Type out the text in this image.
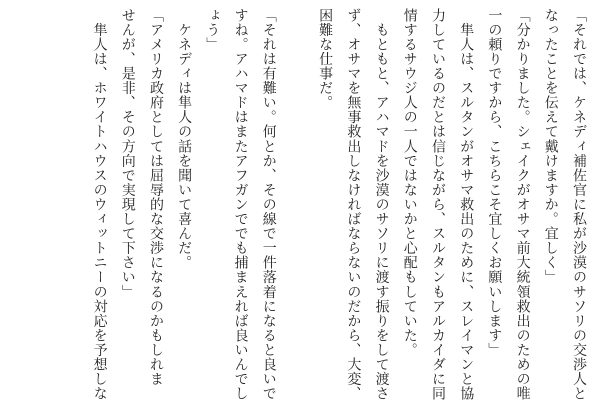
「それでは、ケネディ補佐官に私が沙漠のサソリの交渉人と
なったことを伝えて戴けますか。宜しく」
「分かりました。シェイクがオサマ前大統領救出のための唯
一の頼りですから、こちらこそ宜しくお願いします」
　隼人は、スルタンがオサマ救出のために、スレイマンと協
力しているのだとは信じながら、スルタンもアルカイダに同
情するサウジ人の一人ではないかと心配もしていた。
　もともと、アハマドを沙漠のサソリに渡す振りをして渡さ
ず、オサマを無事救出しなければならないのだから、大変、
困難な仕事だ。
「それは有難い。何とか、その線で一件落着になると良いで
すね。アハマドはまたアフガンででも捕まえれば良いんでし
ょう」
　ケネディは隼人の話を聞いて喜んだ。
「アメリカ政府としては屈辱的な交渉になるのかもしれま
せんが、是非、その方向で実現して下さい」
　隼人は、ホワイトハウスのウィットニーの対応を予想しな
